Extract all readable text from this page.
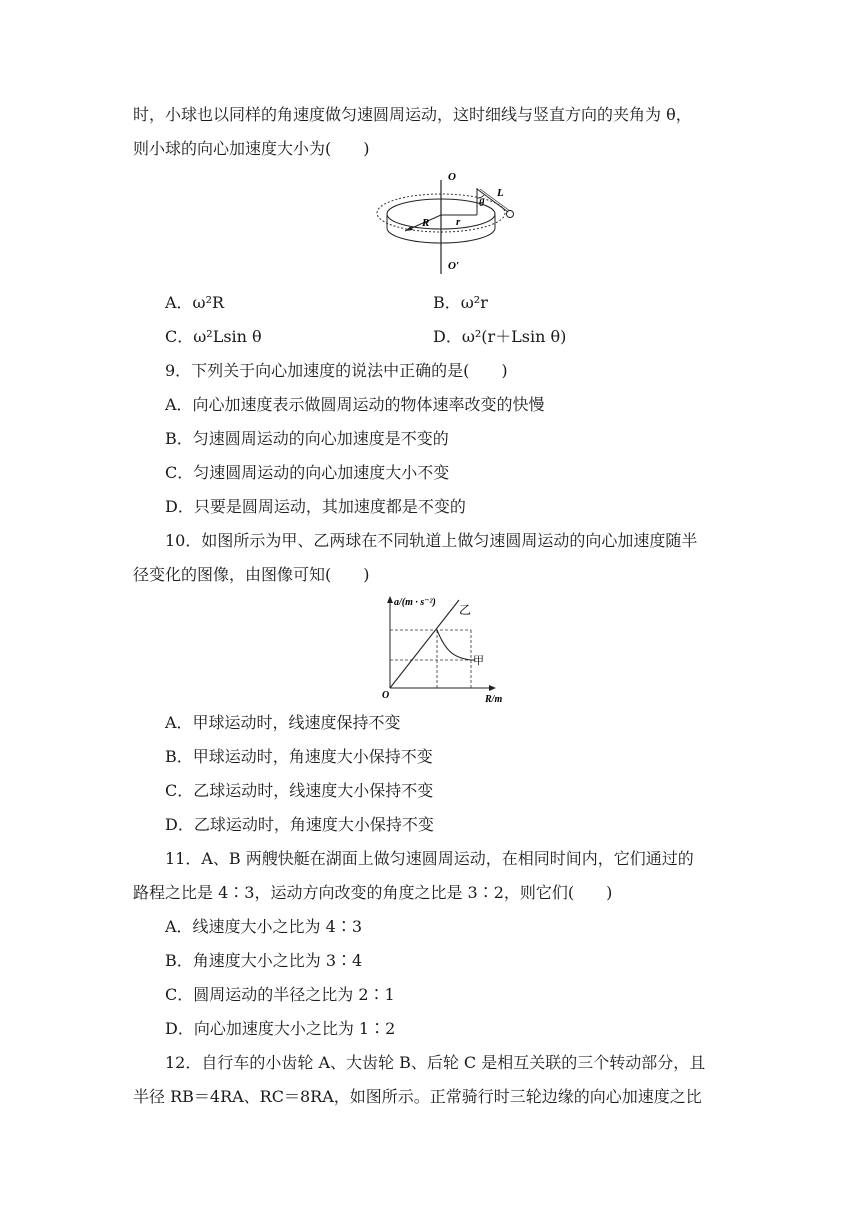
时，小球也以同样的角速度做匀速圆周运动，这时细线与竖直方向的夹角为 θ，
则小球的向心加速度大小为(　　)
O
O′
R r
L
θ
A．ω²R	B．ω²r
C．ω²Lsin θ	D．ω²(r＋Lsin θ)
9．下列关于向心加速度的说法中正确的是(　　)
A．向心加速度表示做圆周运动的物体速率改变的快慢
B．匀速圆周运动的向心加速度是不变的
C．匀速圆周运动的向心加速度大小不变
D．只要是圆周运动，其加速度都是不变的
10．如图所示为甲、乙两球在不同轨道上做匀速圆周运动的向心加速度随半
径变化的图像，由图像可知(　　)
a/(m · s⁻²)
R/m
O
乙
甲
A．甲球运动时，线速度保持不变
B．甲球运动时，角速度大小保持不变
C．乙球运动时，线速度大小保持不变
D．乙球运动时，角速度大小保持不变
11．A、B 两艘快艇在湖面上做匀速圆周运动，在相同时间内，它们通过的
路程之比是 4∶3，运动方向改变的角度之比是 3∶2，则它们(　　)
A．线速度大小之比为 4∶3
B．角速度大小之比为 3∶4
C．圆周运动的半径之比为 2∶1
D．向心加速度大小之比为 1∶2
12．自行车的小齿轮 A、大齿轮 B、后轮 C 是相互关联的三个转动部分，且
半径 RB＝4RA、RC＝8RA，如图所示。正常骑行时三轮边缘的向心加速度之比
